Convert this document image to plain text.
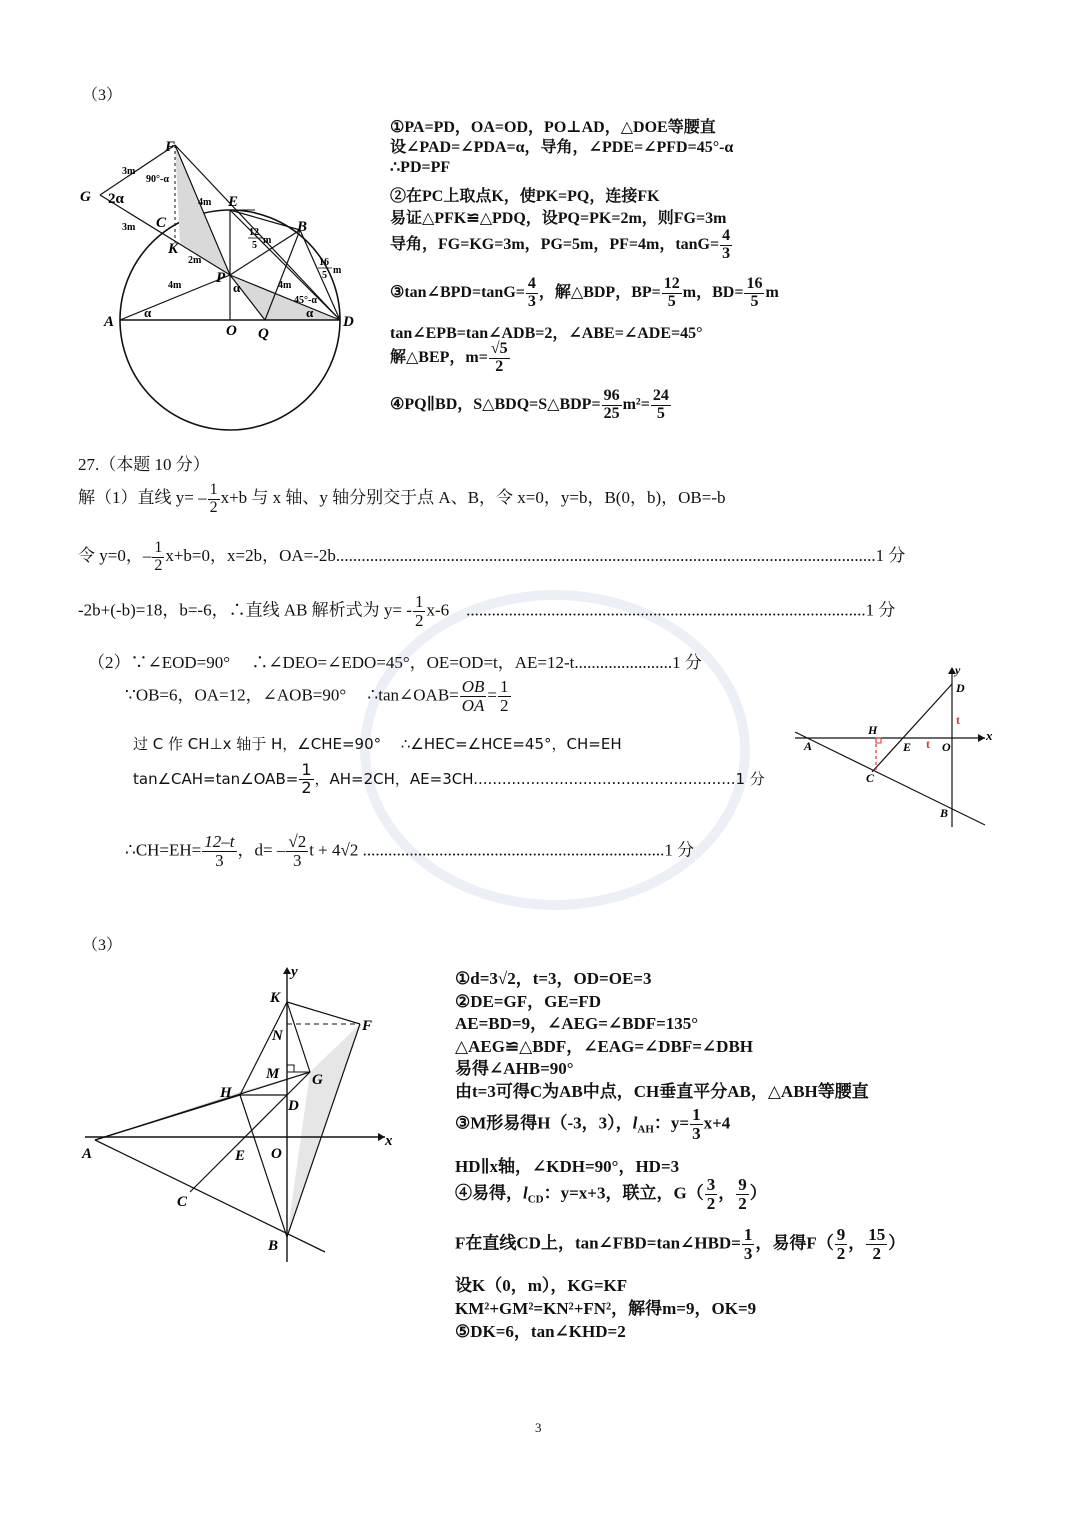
（3）
F
G
C
K
E
B
P
A
O Q
D
3m
3m
2m
4m
4m	4m
90°-α
45°-α
2α
α
α
α
12
5 m
16
5 m
①PA=PD，OA=OD，PO⊥AD，△DOE等腰直
设∠PAD=∠PDA=α，导角，∠PDE=∠PFD=45°-α
∴PD=PF
②在PC上取点K，使PK=PQ，连接FK
易证△PFK≌△PDQ，设PQ=PK=2m，则FG=3m
导角，FG=KG=3m，PG=5m，PF=4m，$\tan G= \frac{4}{3}$
③tan∠BPD=tanG= $\frac{4}{3}$ ，解△BDP，$BP= \frac{12}{5}$ m，$BD= \frac{16}{5}$ m
tan∠EPB=tan∠ADB=2，∠ABE=∠ADE=45°
解△BEP，$m= \frac{√5}{2}$
④PQ∥BD，S△BDQ=S△BDP= $\frac{96}{25} m^2= \frac{24}{5}$
27.（本题 10 分）
解（1）直线 $y= - \frac{1}{2} x+b$ 与 x 轴、y 轴分别交于点 A、B，令 x=0，y=b，B(0，b)，OB=-b
令 y=0，– $\frac{1}{2} x+b=0$，x=2b，OA=-2b...............................................................................................................................1 分
-2b+(-b)=18，b=-6，∴直线 AB 解析式为 $y= - \frac{1}{2} x-6$　 ..............................................................................................1 分
（2）∵∠EOD=90°　 ∴∠DEO=∠EDO=45°，OE=OD=t，AE=12-t.......................1 分
∵OB=6，OA=12，∠AOB=90°　 ∴tan∠OAB= $\frac{OB}{OA} = \frac{1}{2}$
过 C 作 CH⊥x 轴于 H，∠CHE=90°　 ∴∠HEC=∠HCE=45°，CH=EH
tan∠CAH=tan∠OAB= $\frac{1}{2}$ ，AH=2CH，AE=3CH.......................................................1 分
∴CH=EH= $\frac{12-t}{3}$ ，$d= - \frac{√2}{3}$ t + 4√2 .......................................................................1 分
y
x
D
H
A	E	O
C
B
t
t
（3）
y
x
K
F
N
M G
H
D
A	E O
C
B
①d=3√2，t=3，OD=OE=3
②DE=GF，GE=FD
AE=BD=9，∠AEG=∠BDF=135°
△AEG≌△BDF，∠EAG=∠DBF=∠DBH
易得∠AHB=90°
由t=3可得C为AB中点，CH垂直平分AB，△ABH等腰直
③M形易得H（-3，3），$l_{AH}$：$y= \frac{1}{3} x+4$
HD∥x轴，∠KDH=90°，HD=3
④易得，$l_{CD}$：y=x+3，联立，$G( \frac{3}{2}$ ， $\frac{9}{2}$ ）
F在直线CD上，tan∠FBD=tan∠HBD= $\frac{1}{3}$ ，易得$F( \frac{9}{2}$ ， $\frac{15}{2}$ ）
设K（0，m），KG=KF
KM²+GM²=KN²+FN²，解得m=9，OK=9
⑤DK=6，tan∠KHD=2
3
